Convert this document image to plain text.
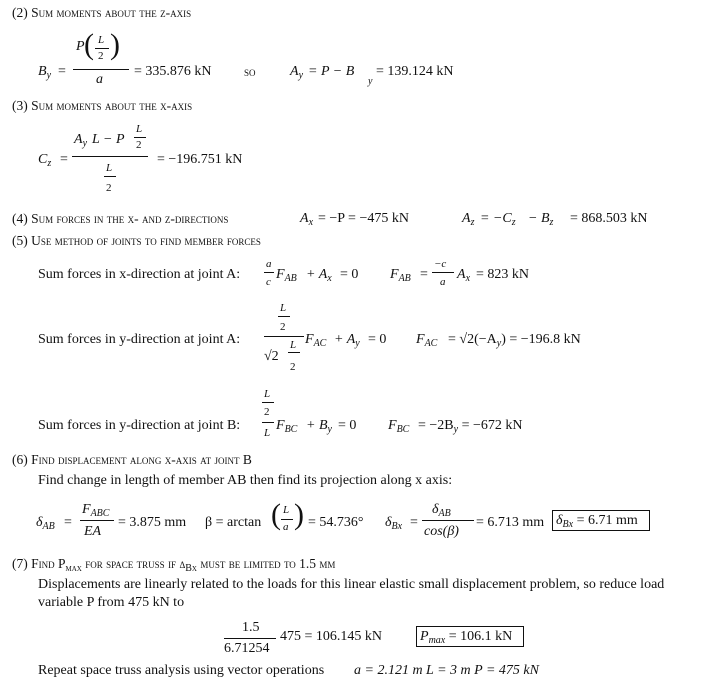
(2) Sum moments about the z-axis
$B_y$ =
P ( L
2 )
a
= 335.876 kN so $A_y = P - B$
$_y$
= 139.124 kN
(3) Sum moments about the x-axis
$C_z$ =
$A_y$ L − P
L
2
L
2
= −196.751 kN
(4) Sum forces in the x- and z-directions	$A_x = -P = -475$ kN	$A_z = -C_z - B_z = 868.503$ kN
(5) Use method of joints to find member forces
Sum forces in x-direction at joint A:
a
c $F_{AB} + A_x = 0$ $F_{AB}$ =
−c
a $A_x = 823$ kN
Sum forces in y-direction at joint A:
L
2
√2
L
2
$F_{AC} + A_y = 0$ $F_{AC} = √2(-A_y) = -196.8$ kN
Sum forces in y-direction at joint B:
L
2
L $F_{BC} + B_y = 0$ $F_{BC} = -2B_y = -672$ kN
(6) Find displacement along x-axis at joint B
Find change in length of member AB then find its projection along x axis:
$\delta_{AB}$ =
$F_{ABC}$
EA
= 3.875 mm β = arctan ( L
a ) = 54.736° $\delta_{Bx}$ =
$\delta_{AB}$
cos(β)
= 6.713 mm $\delta_{Bx} = 6.71$ mm
(7) Find $P_{max}$ for space truss if $\delta_{Bx}$ must be limited to 1.5 mm
Displacements are linearly related to the loads for this linear elastic small displacement problem, so reduce load
variable P from 475 kN to
1.5
6.71254
475 = 106.145 kN	$P_{max} = 106.1$ kN
Repeat space truss analysis using vector operations a = 2.121 m L = 3 m P = 475 kN
